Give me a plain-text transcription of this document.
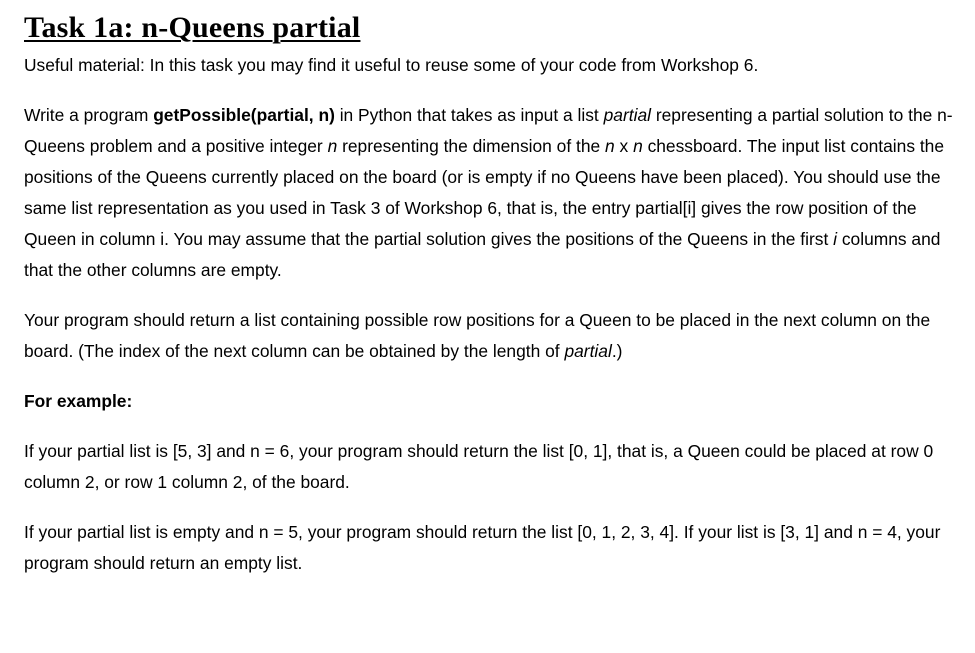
Task 1a: n-Queens partial

Useful material: In this task you may find it useful to reuse some of your code from Workshop 6.

Write a program getPossible(partial, n) in Python that takes as input a list partial representing a partial solution to the n-Queens problem and a positive integer n representing the dimension of the n x n chessboard. The input list contains the positions of the Queens currently placed on the board (or is empty if no Queens have been placed). You should use the same list representation as you used in Task 3 of Workshop 6, that is, the entry partial[i] gives the row position of the Queen in column i. You may assume that the partial solution gives the positions of the Queens in the first i columns and that the other columns are empty.

Your program should return a list containing possible row positions for a Queen to be placed in the next column on the board. (The index of the next column can be obtained by the length of partial.)

For example:

If your partial list is [5, 3] and n = 6, your program should return the list [0, 1], that is, a Queen could be placed at row 0 column 2, or row 1 column 2, of the board.

If your partial list is empty and n = 5, your program should return the list [0, 1, 2, 3, 4]. If your list is [3, 1] and n = 4, your program should return an empty list.
